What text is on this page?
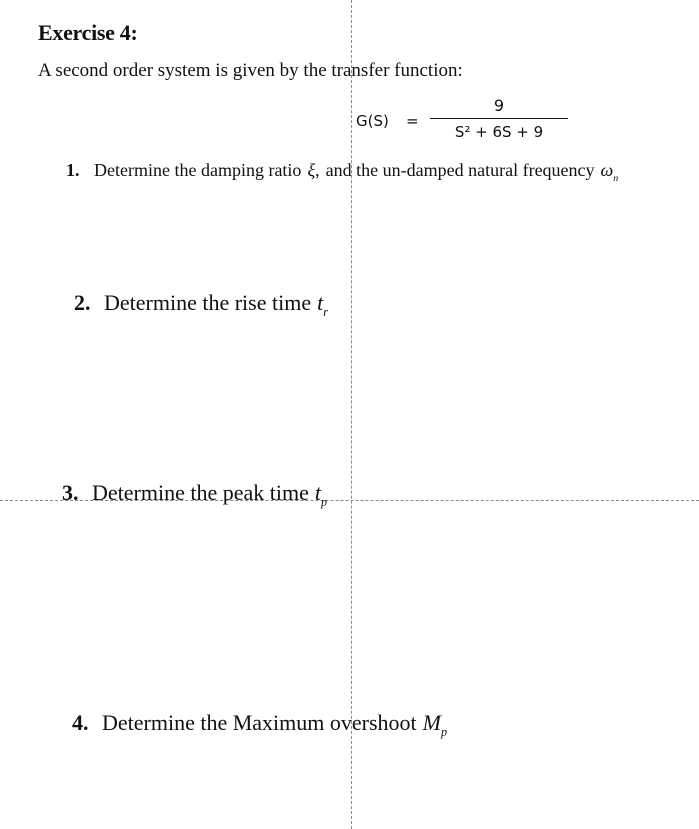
Exercise 4:
A second order system is given by the transfer function:
G(S) =
9
S² + 6S + 9
1. Determine the damping ratio ξ, and the un-damped natural frequency $\omega_n$
2. Determine the rise time $t_r$
3. Determine the peak time $t_p$
4. Determine the Maximum overshoot $M_p$
